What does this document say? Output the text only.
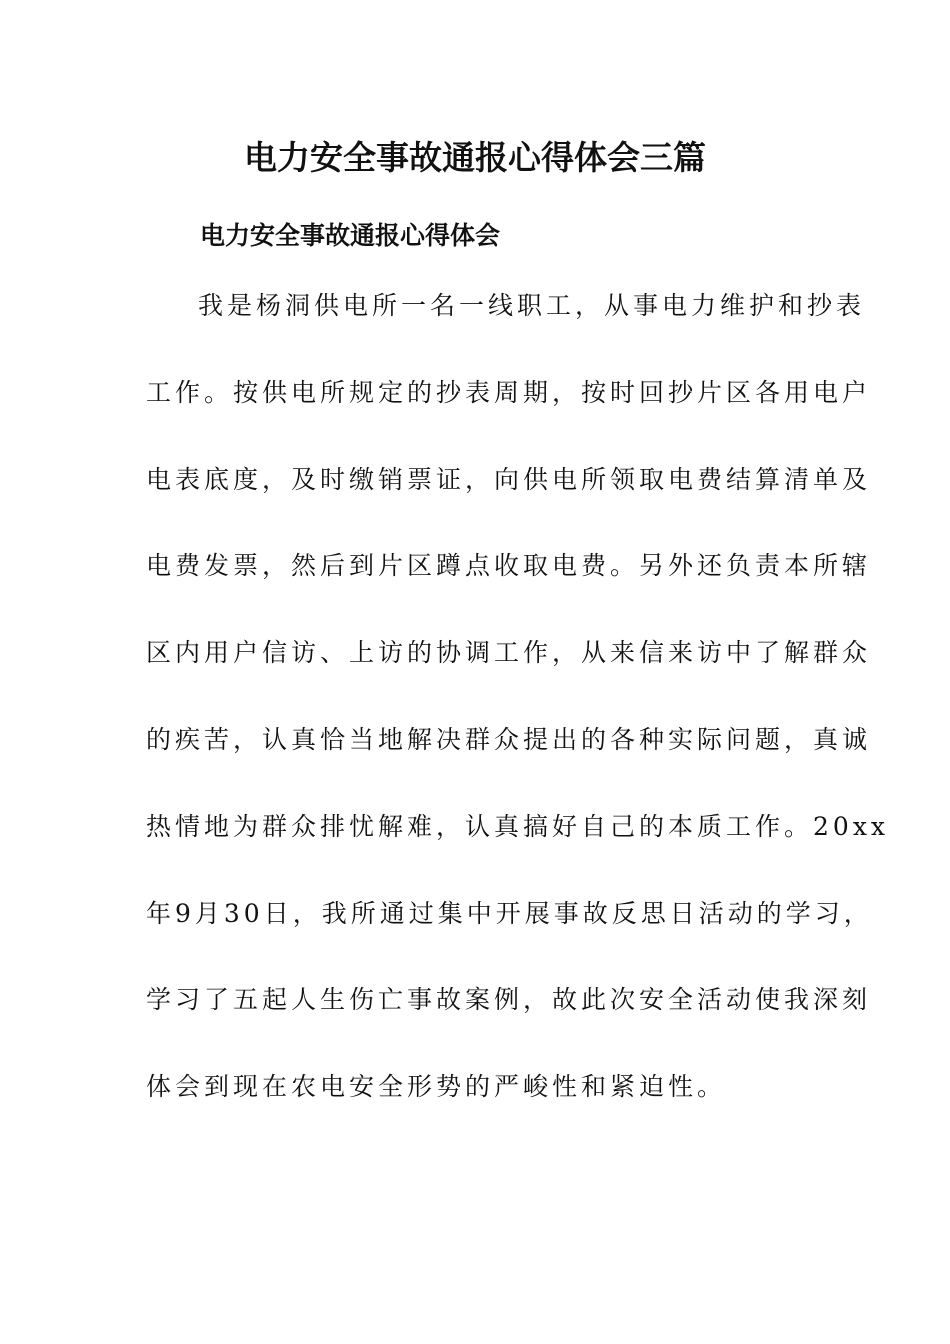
电力安全事故通报心得体会三篇
电力安全事故通报心得体会
我是杨洞供电所一名一线职工，从事电力维护和抄表
工作。按供电所规定的抄表周期，按时回抄片区各用电户
电表底度，及时缴销票证，向供电所领取电费结算清单及
电费发票，然后到片区蹲点收取电费。另外还负责本所辖
区内用户信访、上访的协调工作，从来信来访中了解群众
的疾苦，认真恰当地解决群众提出的各种实际问题，真诚
热情地为群众排忧解难，认真搞好自己的本质工作。20xx
年9月30日，我所通过集中开展事故反思日活动的学习，
学习了五起人生伤亡事故案例，故此次安全活动使我深刻
体会到现在农电安全形势的严峻性和紧迫性。
